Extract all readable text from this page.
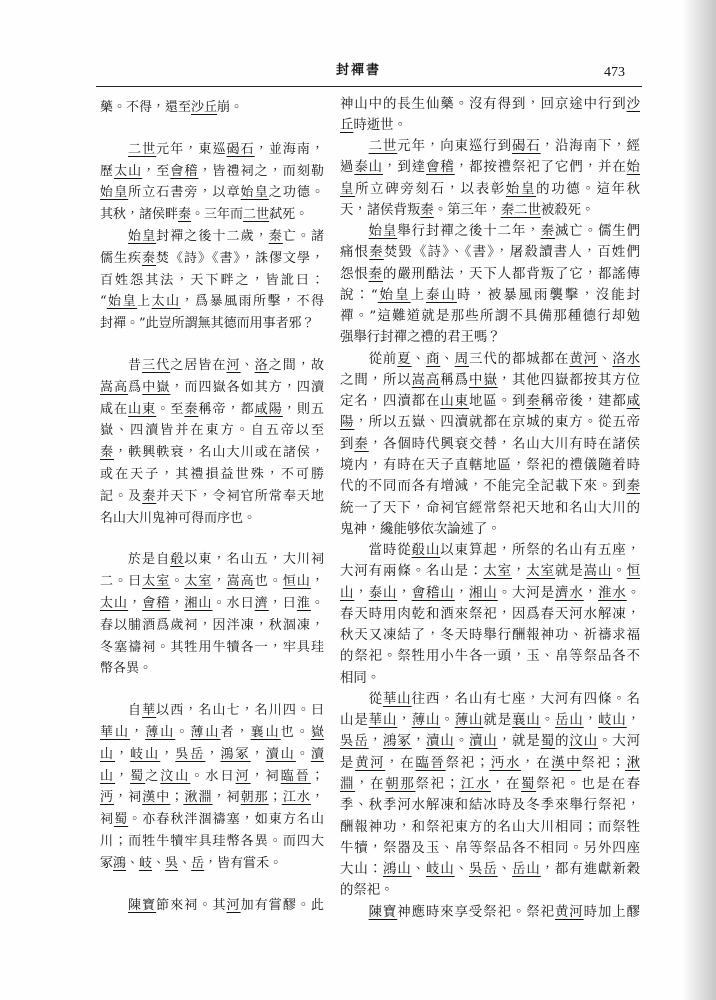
封禪書	473
藥。不得，還至沙丘崩。
二世元年，東巡碣石，並海南，
歷太山，至會稽，皆禮祠之，而刻勒
始皇所立石書旁，以章始皇之功德。
其秋，諸侯畔秦。三年而二世弑死。
始皇封禪之後十二歲，秦亡。諸
儒生疾秦焚《詩》《書》，誅僇文學，
百姓怨其法，天下畔之，皆訛曰：
“始皇上太山，爲暴風雨所擊，不得
封禪。”此豈所謂無其德而用事者邪？
昔三代之居皆在河、洛之間，故
嵩高爲中嶽，而四嶽各如其方，四瀆
咸在山東。至秦稱帝，都咸陽，則五
嶽、四瀆皆并在東方。自五帝以至
秦，軼興軼衰，名山大川或在諸侯，
或在天子，其禮損益世殊，不可勝
記。及秦并天下，令祠官所常奉天地
名山大川鬼神可得而序也。
於是自殽以東，名山五，大川祠
二。曰太室。太室，嵩高也。恒山，
太山，會稽，湘山。水曰濟，曰淮。
春以脯酒爲歲祠，因泮凍，秋涸凍，
冬塞禱祠。其牲用牛犢各一，牢具珪
幣各異。
自華以西，名山七，名川四。曰
華山，薄山。薄山者，襄山也。嶽
山，岐山，吳岳，鴻冢，瀆山。瀆
山，蜀之汶山。水曰河，祠臨晉；
沔，祠漢中；湫淵，祠朝那；江水，
祠蜀。亦春秋泮涸禱塞，如東方名山
川；而牲牛犢牢具珪幣各異。而四大
冢鴻、岐、吳、岳，皆有嘗禾。
陳寶節來祠。其河加有嘗醪。此
神山中的長生仙藥。沒有得到，回京途中行到沙
丘時逝世。
二世元年，向東巡行到碣石，沿海南下，經
過泰山，到達會稽，都按禮祭祀了它們，并在始
皇所立碑旁刻石，以表彰始皇的功德。這年秋
天，諸侯背叛秦。第三年，秦二世被殺死。
始皇舉行封禪之後十二年，秦滅亡。儒生們
痛恨秦焚毀《詩》、《書》，屠殺讀書人，百姓們
怨恨秦的嚴刑酷法，天下人都背叛了它，都謠傳
說：“始皇上泰山時，被暴風雨襲擊，沒能封
禪。”這難道就是那些所謂不具備那種德行却勉
强舉行封禪之禮的君王嗎？
從前夏、商、周三代的都城都在黄河、洛水
之間，所以嵩高稱爲中嶽，其他四嶽都按其方位
定名，四瀆都在山東地區。到秦稱帝後，建都咸
陽，所以五嶽、四瀆就都在京城的東方。從五帝
到秦，各個時代興衰交替，名山大川有時在諸侯
境内，有時在天子直轄地區，祭祀的禮儀隨着時
代的不同而各有增減，不能完全記載下來。到秦
統一了天下，命祠官經常祭祀天地和名山大川的
鬼神，纔能够依次論述了。
當時從殽山以東算起，所祭的名山有五座，
大河有兩條。名山是：太室，太室就是嵩山。恒
山，泰山，會稽山，湘山。大河是濟水，淮水。
春天時用肉乾和酒來祭祀，因爲春天河水解凍，
秋天又凍結了，冬天時舉行酬報神功、祈禱求福
的祭祀。祭牲用小牛各一頭，玉、帛等祭品各不
相同。
從華山往西，名山有七座，大河有四條。名
山是華山，薄山。薄山就是襄山。岳山，岐山，
吳岳，鴻冢，瀆山。瀆山，就是蜀的汶山。大河
是黄河，在臨晉祭祀；沔水，在漢中祭祀；湫
淵，在朝那祭祀；江水，在蜀祭祀。也是在春
季、秋季河水解凍和結冰時及冬季來舉行祭祀，
酬報神功，和祭祀東方的名山大川相同；而祭牲
牛犢，祭器及玉、帛等祭品各不相同。另外四座
大山：鴻山、岐山、吳岳、岳山，都有進獻新穀
的祭祀。
陳寶神應時來享受祭祀。祭祀黄河時加上醪
